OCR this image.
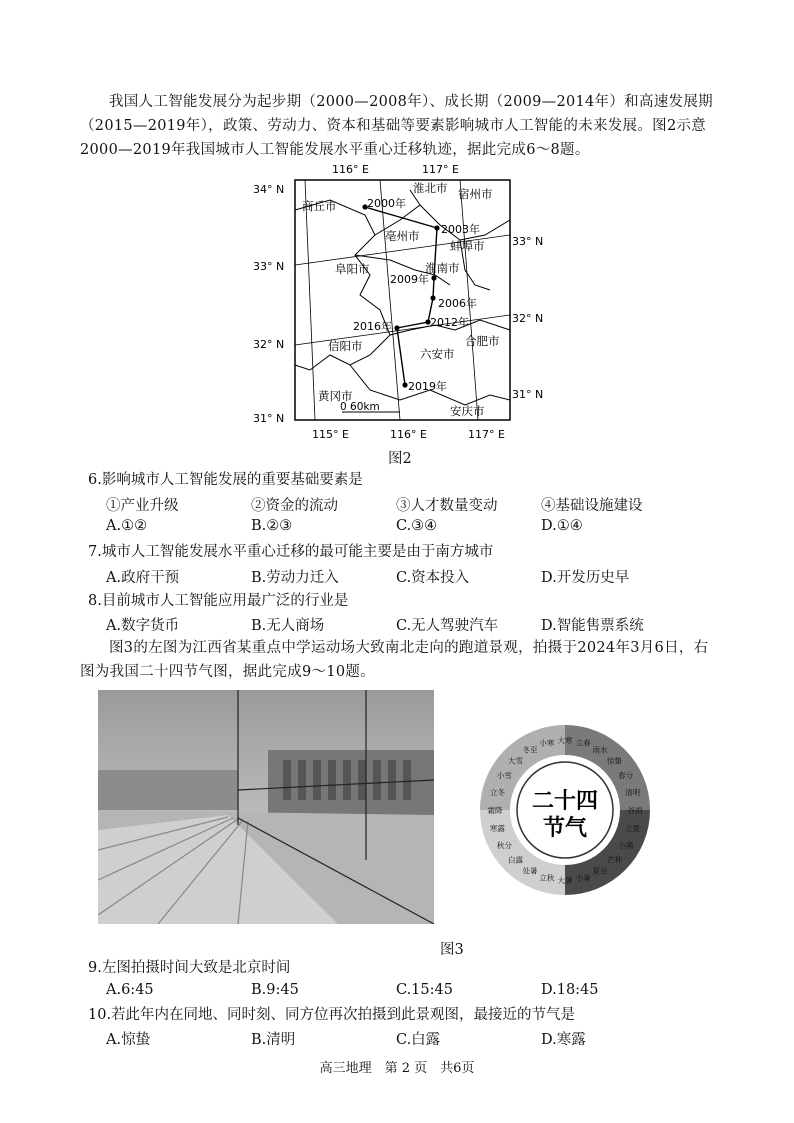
我国人工智能发展分为起步期（2000—2008年）、成长期（2009—2014年）和高速发展期（2015—2019年），政策、劳动力、资本和基础等要素影响城市人工智能的未来发展。图2示意2000—2019年我国城市人工智能发展水平重心迁移轨迹，据此完成6～8题。
116° E	117° E
34° N
33° N
32° N
31° N
33° N
32° N
31° N
115° E	116° E	117° E
淮北市 宿州市
商丘市
亳州市
蚌埠市
阜阳市	淮南市
信阳市
六安市
合肥市
黄冈市
安庆市
2000年
2003年
2009年
2006年
2016年	2012年
2019年
0 60km
图2
6.影响城市人工智能发展的重要基础要素是
①产业升级	②资金的流动	③人才数量变动	④基础设施建设
A.①②	B.②③	C.③④	D.①④
7.城市人工智能发展水平重心迁移的最可能主要是由于南方城市
A.政府干预	B.劳动力迁入	C.资本投入	D.开发历史早
8.目前城市人工智能应用最广泛的行业是
A.数字货币	B.无人商场	C.无人驾驶汽车	D.智能售票系统
图3的左图为江西省某重点中学运动场大致南北走向的跑道景观，拍摄于2024年3月6日，右图为我国二十四节气图，据此完成9～10题。
二十四
节气
立春
雨水
惊蛰
春分
清明
谷雨
立夏
小满
芒种
夏至
小暑
大暑
立秋
处暑
白露
秋分
寒露
霜降
立冬
小雪
大雪
冬至
小寒 大寒
图3
9.左图拍摄时间大致是北京时间
A.6:45	B.9:45	C.15:45	D.18:45
10.若此年内在同地、同时刻、同方位再次拍摄到此景观图，最接近的节气是
A.惊蛰	B.清明	C.白露	D.寒露
高三地理　第 2 页　共6页
